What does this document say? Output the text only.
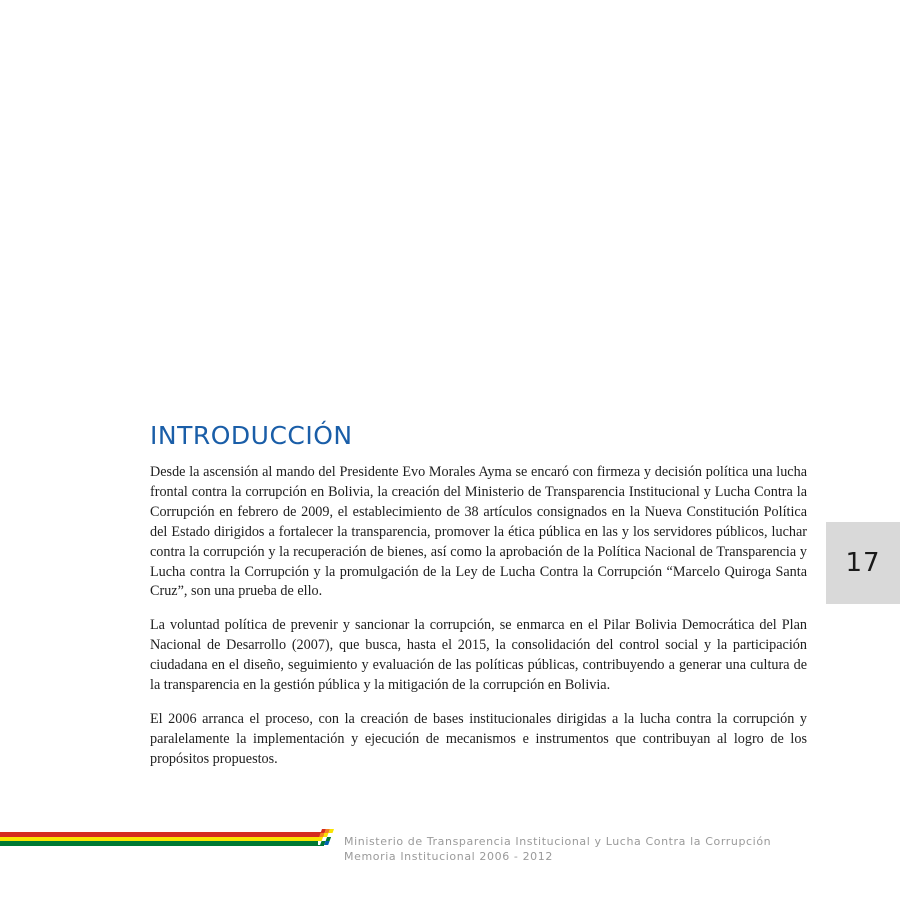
INTRODUCCIÓN

Desde la ascensión al mando del Presidente Evo Morales Ayma se encaró con firmeza y decisión política una lucha frontal contra la corrupción en Bolivia, la creación del Ministerio de Transparencia Institucional y Lucha Contra la Corrupción en febrero de 2009, el establecimiento de 38 artículos consignados en la Nueva Constitución Política del Estado dirigidos a fortalecer la transparencia, promover la ética pública en las y los servidores públicos, luchar contra la corrupción y la recuperación de bienes, así como la aprobación de la Política Nacional de Transparencia y Lucha contra la Corrupción y la promulgación de la Ley de Lucha Contra la Corrupción “Marcelo Quiroga Santa Cruz”, son una prueba de ello.

La voluntad política de prevenir y sancionar la corrupción, se enmarca en el Pilar Bolivia Democrática del Plan Nacional de Desarrollo (2007), que busca, hasta el 2015, la consolidación del control social y la participación ciudadana en el diseño, seguimiento y evaluación de las políticas públicas, contribuyendo a generar una cultura de la transparencia en la gestión pública y la mitigación de la corrupción en Bolivia.

El 2006 arranca el proceso, con la creación de bases institucionales dirigidas a la lucha contra la corrupción y paralelamente la implementación y ejecución de mecanismos e instrumentos que contribuyan al logro de los propósitos propuestos.

17
Ministerio de Transparencia Institucional y Lucha Contra la Corrupción
Memoria Institucional 2006 - 2012
